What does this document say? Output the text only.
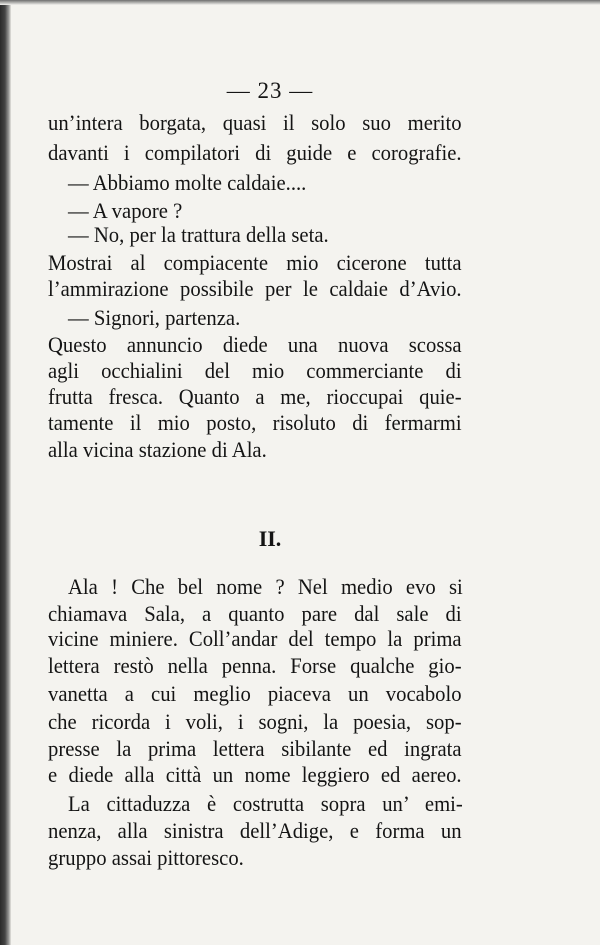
— 23 —
un’intera borgata, quasi il solo suo merito
davanti i compilatori di guide e corografie.
— Abbiamo molte caldaie....
— A vapore ?
— No, per la trattura della seta.
Mostrai al compiacente mio cicerone tutta
l’ammirazione possibile per le caldaie d’Avio.
— Signori, partenza.
Questo annuncio diede una nuova scossa
agli occhialini del mio commerciante di
frutta fresca. Quanto a me, rioccupai quie-
tamente il mio posto, risoluto di fermarmi
alla vicina stazione di Ala.
II.
Ala ! Che bel nome ? Nel medio evo si
chiamava Sala, a quanto pare dal sale di
vicine miniere. Coll’andar del tempo la prima
lettera restò nella penna. Forse qualche gio-
vanetta a cui meglio piaceva un vocabolo
che ricorda i voli, i sogni, la poesia, sop-
presse la prima lettera sibilante ed ingrata
e diede alla città un nome leggiero ed aereo.
La cittaduzza è costrutta sopra un’ emi-
nenza, alla sinistra dell’Adige, e forma un
gruppo assai pittoresco.
